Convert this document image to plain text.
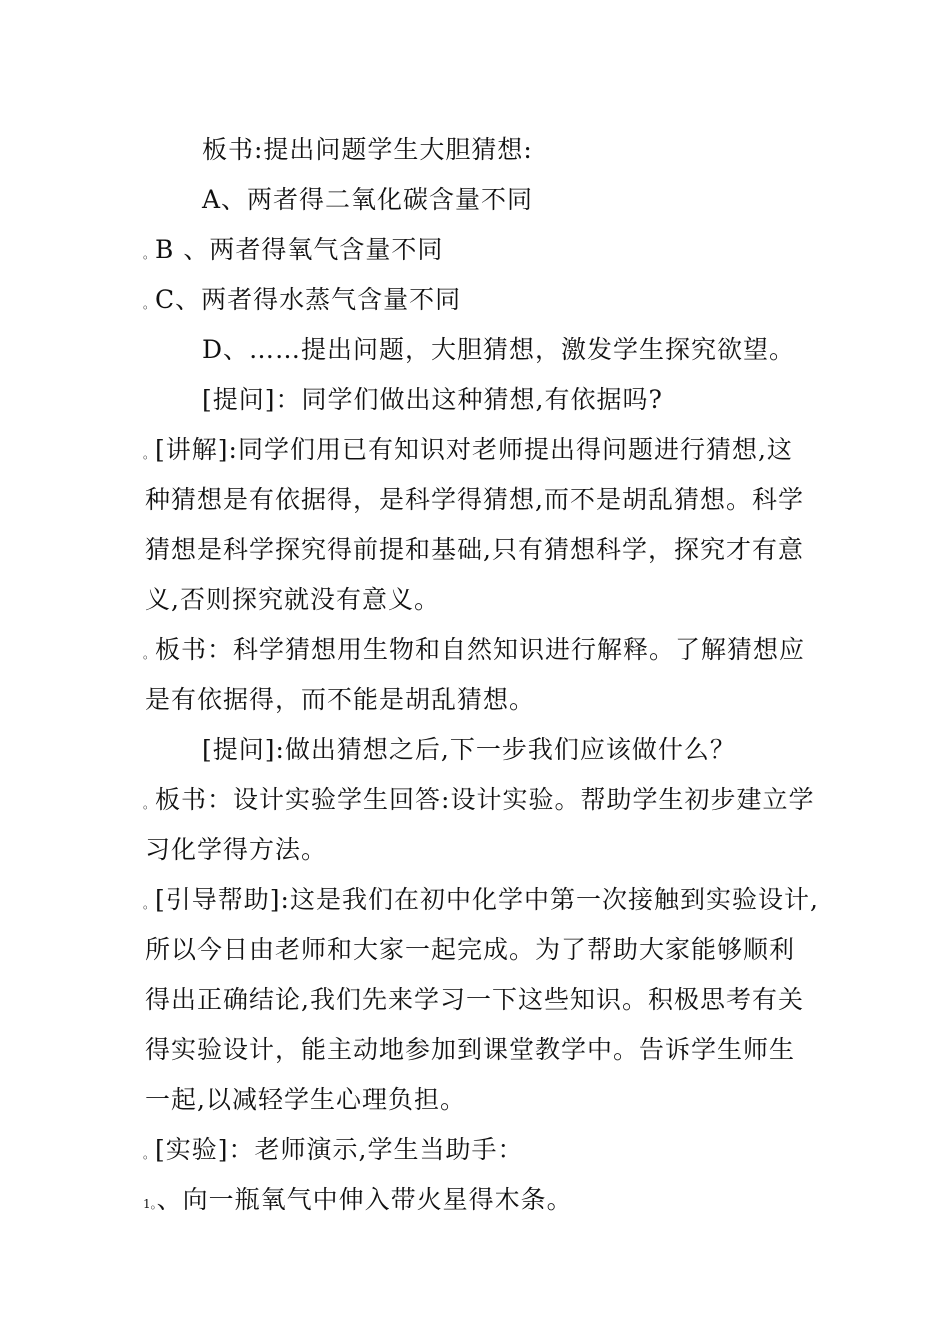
板书:提出问题学生大胆猜想:
A、两者得二氧化碳含量不同
。B 、两者得氧气含量不同
。C、两者得水蒸气含量不同
D、……提出问题，大胆猜想，激发学生探究欲望。
[提问]：同学们做出这种猜想,有依据吗?
。[讲解]:同学们用已有知识对老师提出得问题进行猜想,这
种猜想是有依据得，是科学得猜想,而不是胡乱猜想。科学
猜想是科学探究得前提和基础,只有猜想科学，探究才有意
义,否则探究就没有意义。
。板书：科学猜想用生物和自然知识进行解释。了解猜想应
是有依据得，而不能是胡乱猜想。
[提问]:做出猜想之后,下一步我们应该做什么？
。板书：设计实验学生回答:设计实验。帮助学生初步建立学
习化学得方法。
。[引导帮助]:这是我们在初中化学中第一次接触到实验设计,
所以今日由老师和大家一起完成。为了帮助大家能够顺利
得出正确结论,我们先来学习一下这些知识。积极思考有关
得实验设计，能主动地参加到课堂教学中。告诉学生师生
一起,以减轻学生心理负担。
。[实验]：老师演示,学生当助手：
1。、向一瓶氧气中伸入带火星得木条。
